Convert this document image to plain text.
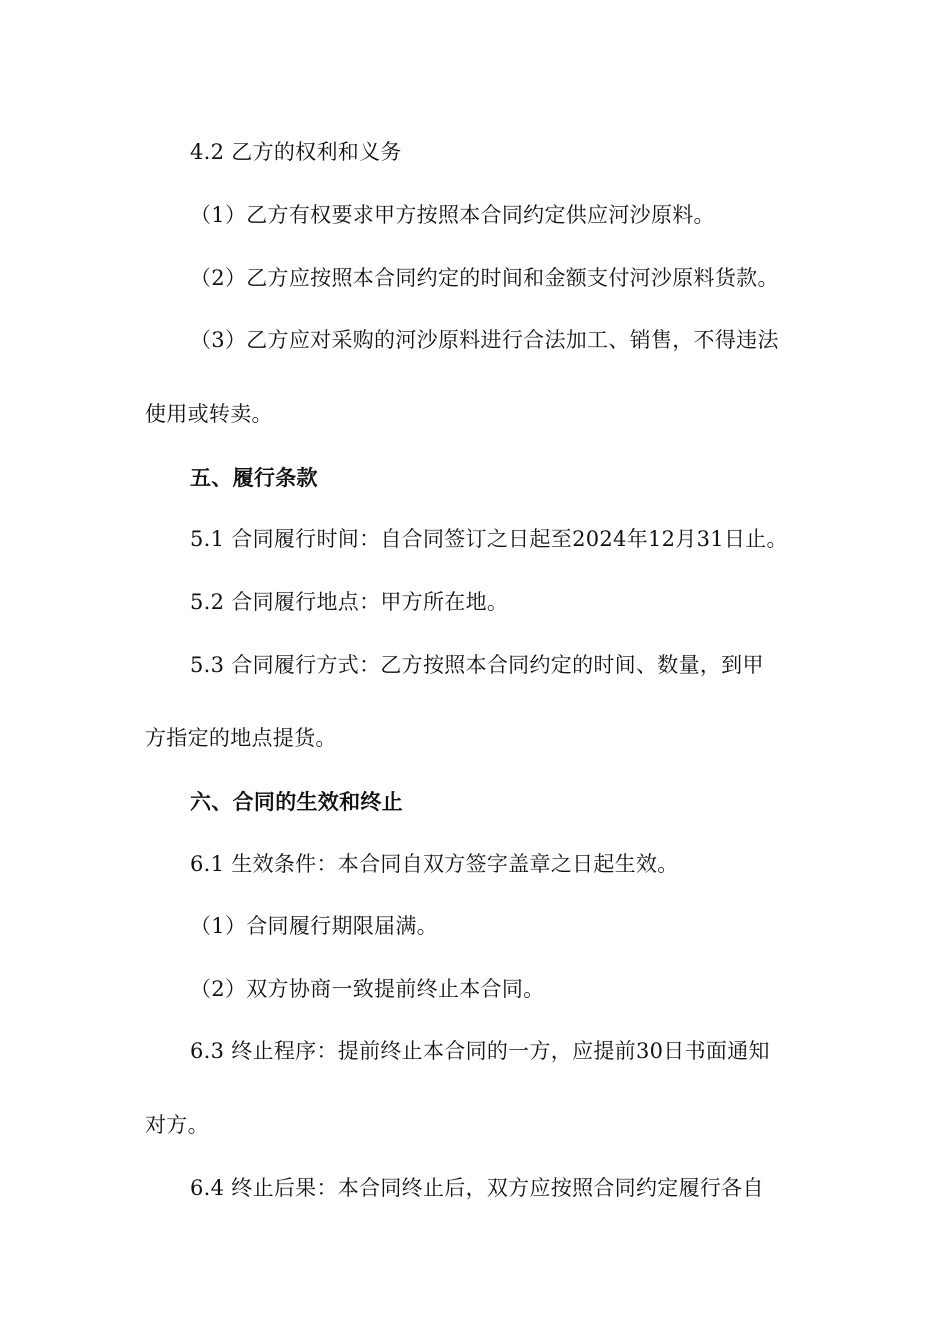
4.2 乙方的权利和义务
（1）乙方有权要求甲方按照本合同约定供应河沙原料。
（2）乙方应按照本合同约定的时间和金额支付河沙原料货款。
（3）乙方应对采购的河沙原料进行合法加工、销售，不得违法
使用或转卖。
五、履行条款
5.1 合同履行时间：自合同签订之日起至2024年12月31日止。
5.2 合同履行地点：甲方所在地。
5.3 合同履行方式：乙方按照本合同约定的时间、数量，到甲
方指定的地点提货。
六、合同的生效和终止
6.1 生效条件：本合同自双方签字盖章之日起生效。
（1）合同履行期限届满。
（2）双方协商一致提前终止本合同。
6.3 终止程序：提前终止本合同的一方，应提前30日书面通知
对方。
6.4 终止后果：本合同终止后，双方应按照合同约定履行各自
